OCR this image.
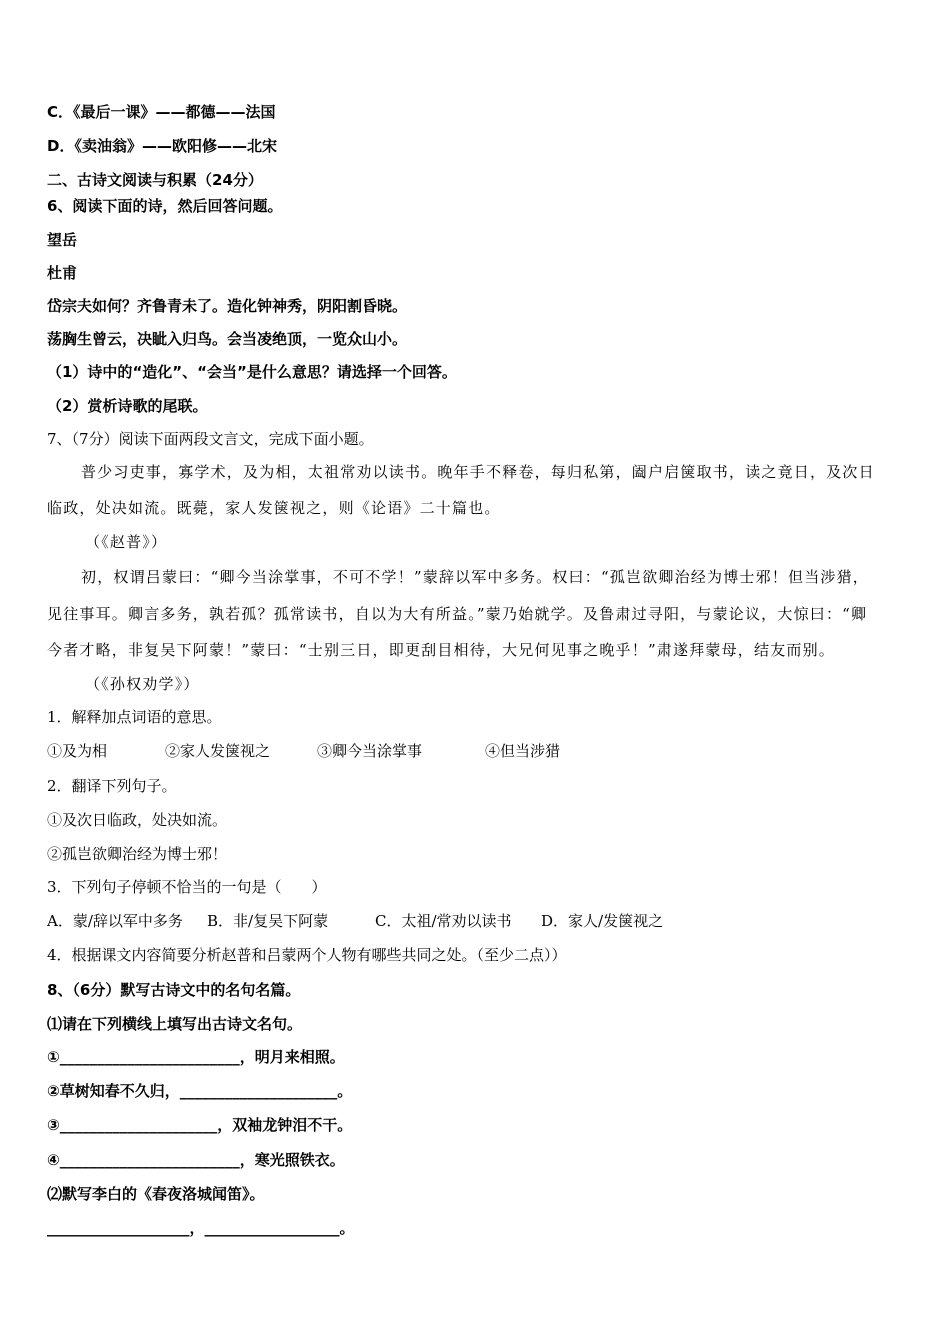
C．《最后一课》——都德——法国
D．《卖油翁》——欧阳修——北宋
二、古诗文阅读与积累（24分）
6、阅读下面的诗，然后回答问题。
望岳
杜甫
岱宗夫如何？齐鲁青未了。造化钟神秀，阴阳割昏晓。
荡胸生曾云，决眦入归鸟。会当凌绝顶，一览众山小。
（1）诗中的“造化”、“会当”是什么意思？请选择一个回答。
（2）赏析诗歌的尾联。
7、（7分）阅读下面两段文言文，完成下面小题。
普少习吏事，寡学术，及为相，太祖常劝以读书。晚年手不释卷，每归私第，阖户启箧取书，读之竟日，及次日
临政，处决如流。既薨，家人发箧视之，则《论语》二十篇也。
（《赵普》）
初，权谓吕蒙曰：“卿今当涂掌事，不可不学！”蒙辞以军中多务。权曰：“孤岂欲卿治经为博士邪！但当涉猎，
见往事耳。卿言多务，孰若孤？孤常读书，自以为大有所益。”蒙乃始就学。及鲁肃过寻阳，与蒙论议，大惊曰：“卿
今者才略，非复吴下阿蒙！”蒙曰：“士别三日，即更刮目相待，大兄何见事之晚乎！”肃遂拜蒙母，结友而别。
（《孙权劝学》）
1．解释加点词语的意思。
①及为相	②家人发箧视之	③卿今当涂掌事	④但当涉猎
2．翻译下列句子。
①及次日临政，处决如流。
②孤岂欲卿治经为博士邪！
3．下列句子停顿不恰当的一句是（　　）
A．蒙/辞以军中多务 B．非/复吴下阿蒙	C．太祖/常劝以读书 D．家人/发箧视之
4．根据课文内容简要分析赵普和吕蒙两个人物有哪些共同之处。（至少二点））
8、（6分）默写古诗文中的名句名篇。
⑴请在下列横线上填写出古诗文名句。
①________________________，明月来相照。
②草树知春不久归，_____________________。
③_____________________，双袖龙钟泪不干。
④________________________，寒光照铁衣。
⑵默写李白的《春夜洛城闻笛》。
___________________，__________________。
